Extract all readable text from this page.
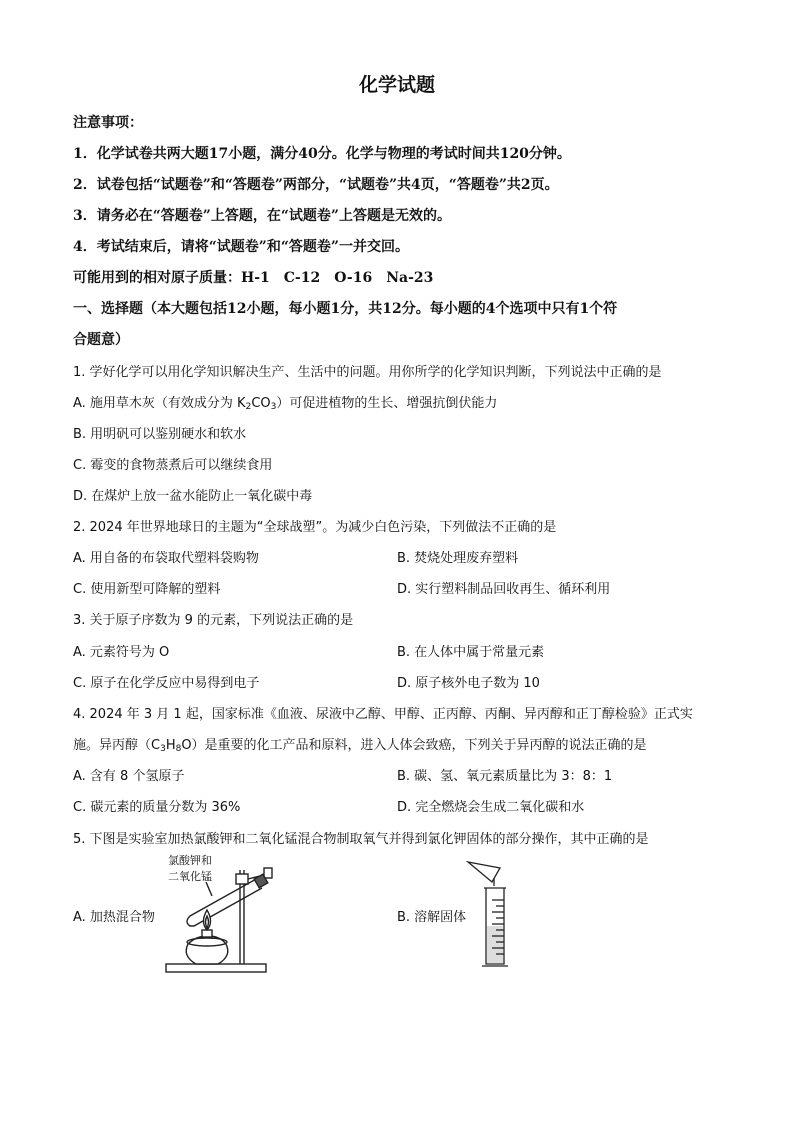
化学试题
注意事项：
1．化学试卷共两大题17小题，满分40分。化学与物理的考试时间共120分钟。
2．试卷包括“试题卷”和“答题卷”两部分，“试题卷”共4页，“答题卷”共2页。
3．请务必在“答题卷”上答题，在“试题卷”上答题是无效的。
4．考试结束后，请将“试题卷”和“答题卷”一并交回。
可能用到的相对原子质量：H-1　C-12　O-16　Na-23
一、选择题（本大题包括12小题，每小题1分，共12分。每小题的4个选项中只有1个符
合题意）
1. 学好化学可以用化学知识解决生产、生活中的问题。用你所学的化学知识判断，下列说法中正确的是
A. 施用草木灰（有效成分为 $K_2CO_3$）可促进植物的生长、增强抗倒伏能力
B. 用明矾可以鉴别硬水和软水
C. 霉变的食物蒸煮后可以继续食用
D. 在煤炉上放一盆水能防止一氧化碳中毒
2. 2024 年世界地球日的主题为“全球战塑”。为减少白色污染，下列做法不正确的是
A. 用自备的布袋取代塑料袋购物	B. 焚烧处理废弃塑料
C. 使用新型可降解的塑料	D. 实行塑料制品回收再生、循环利用
3. 关于原子序数为 9 的元素，下列说法正确的是
A. 元素符号为 O	B. 在人体中属于常量元素
C. 原子在化学反应中易得到电子	D. 原子核外电子数为 10
4. 2024 年 3 月 1 起，国家标准《血液、尿液中乙醇、甲醇、正丙醇、丙酮、异丙醇和正丁醇检验》正式实
施。异丙醇$(C_3H_8O)$是重要的化工产品和原料，进入人体会致癌，下列关于异丙醇的说法正确的是
A. 含有 8 个氢原子	B. 碳、氢、氧元素质量比为 3：8：1
C. 碳元素的质量分数为 36%	D. 完全燃烧会生成二氧化碳和水
5. 下图是实验室加热氯酸钾和二氧化锰混合物制取氧气并得到氯化钾固体的部分操作，其中正确的是
A. 加热混合物	B. 溶解固体
氯酸钾和
二氧化锰
